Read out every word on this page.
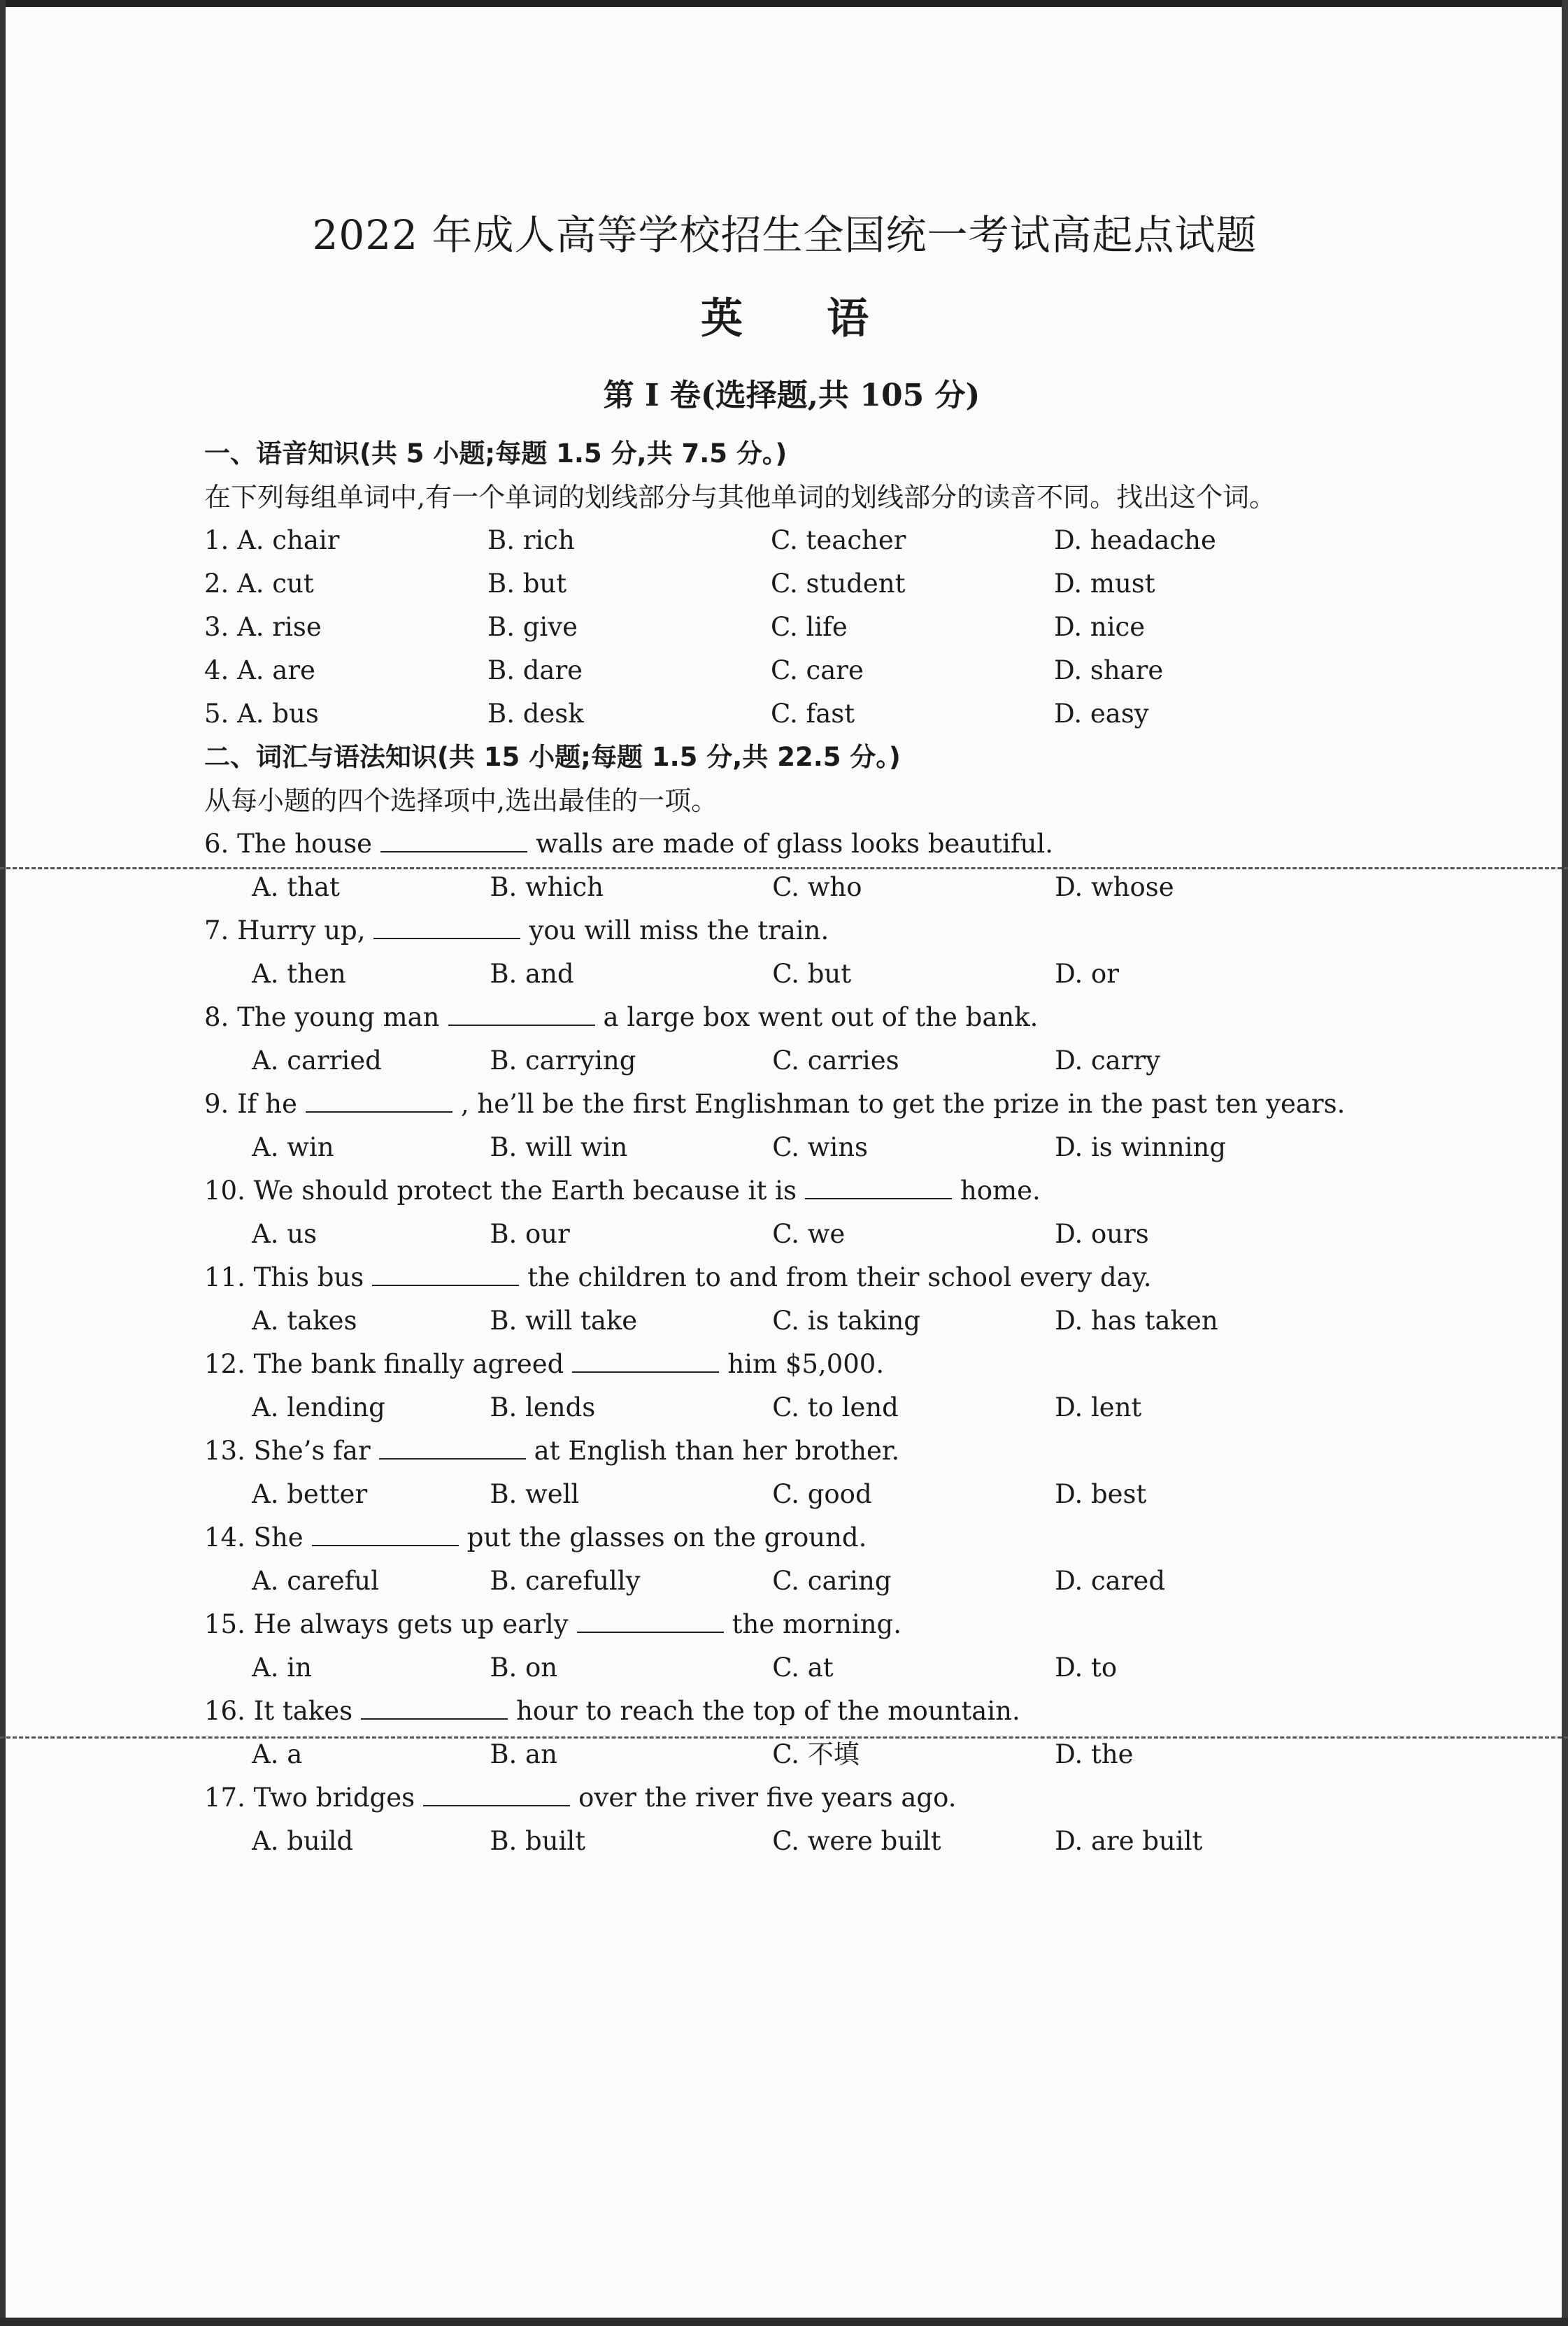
2022 年成人高等学校招生全国统一考试高起点试题
英　语
第 I 卷(选择题,共 105 分)
一、语音知识(共 5 小题;每题 1.5 分,共 7.5 分。)
在下列每组单词中,有一个单词的划线部分与其他单词的划线部分的读音不同。找出这个词。
1. A. chair	B. rich	C. teacher	D. headache
2. A. cut	B. but	C. student	D. must
3. A. rise	B. give	C. life	D. nice
4. A. are	B. dare	C. care	D. share
5. A. bus	B. desk	C. fast	D. easy
二、词汇与语法知识(共 15 小题;每题 1.5 分,共 22.5 分。)
从每小题的四个选择项中,选出最佳的一项。
6. The house	walls are made of glass looks beautiful.
A. that	B. which	C. who	D. whose
7. Hurry up,	you will miss the train.
A. then	B. and	C. but	D. or
8. The young man	a large box went out of the bank.
A. carried	B. carrying	C. carries	D. carry
9. If he	, he’ll be the first Englishman to get the prize in the past ten years.
A. win	B. will win	C. wins	D. is winning
10. We should protect the Earth because it is	home.
A. us	B. our	C. we	D. ours
11. This bus	the children to and from their school every day.
A. takes	B. will take	C. is taking	D. has taken
12. The bank finally agreed	him $5,000.
A. lending	B. lends	C. to lend	D. lent
13. She’s far	at English than her brother.
A. better	B. well	C. good	D. best
14. She	put the glasses on the ground.
A. careful	B. carefully	C. caring	D. cared
15. He always gets up early	the morning.
A. in	B. on	C. at	D. to
16. It takes	hour to reach the top of the mountain.
A. a	B. an	C. 不填	D. the
17. Two bridges	over the river five years ago.
A. build	B. built	C. were built	D. are built
